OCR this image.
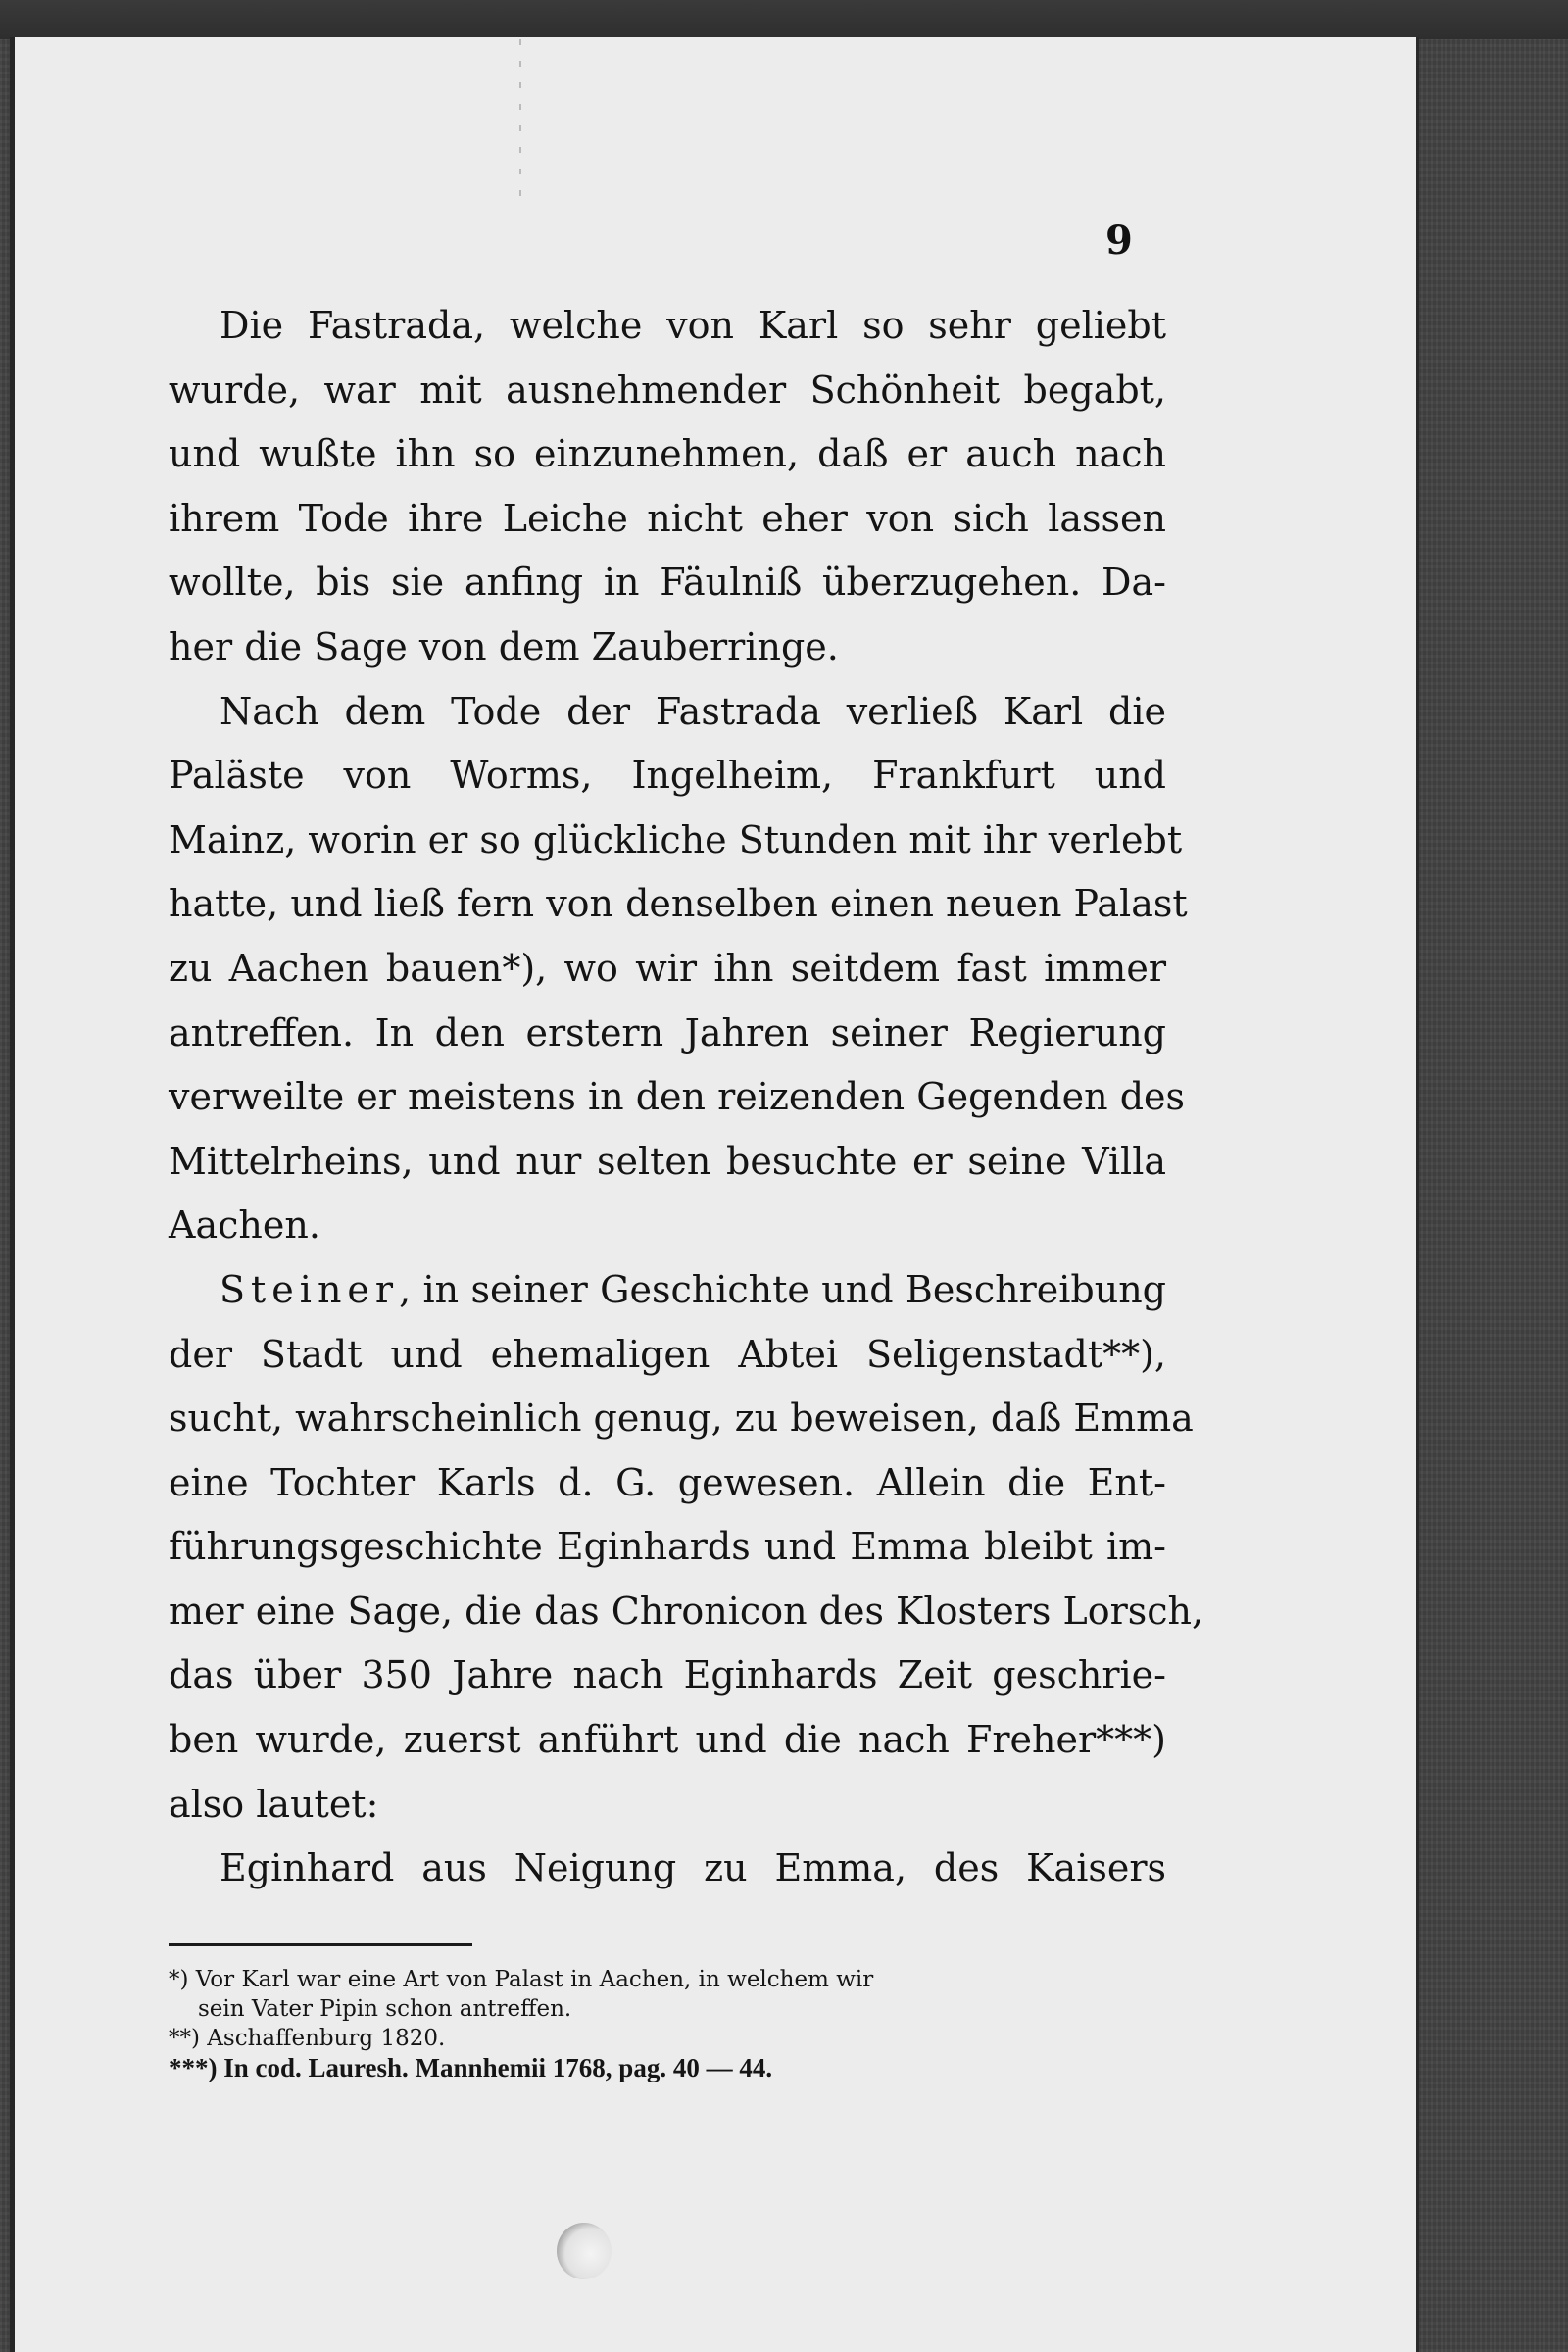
9
Die Fastrada, welche von Karl so sehr geliebt
wurde, war mit ausnehmender Schönheit begabt,
und wußte ihn so einzunehmen, daß er auch nach
ihrem Tode ihre Leiche nicht eher von sich lassen
wollte, bis sie anfing in Fäulniß überzugehen. Da-
her die Sage von dem Zauberringe.
Nach dem Tode der Fastrada verließ Karl die
Paläste von Worms, Ingelheim, Frankfurt und
Mainz, worin er so glückliche Stunden mit ihr verlebt
hatte, und ließ fern von denselben einen neuen Palast
zu Aachen bauen*), wo wir ihn seitdem fast immer
antreffen. In den erstern Jahren seiner Regierung
verweilte er meistens in den reizenden Gegenden des
Mittelrheins, und nur selten besuchte er seine Villa
Aachen.
Steiner, in seiner Geschichte und Beschreibung
der Stadt und ehemaligen Abtei Seligenstadt**),
sucht, wahrscheinlich genug, zu beweisen, daß Emma
eine Tochter Karls d. G. gewesen. Allein die Ent-
führungsgeschichte Eginhards und Emma bleibt im-
mer eine Sage, die das Chronicon des Klosters Lorsch,
das über 350 Jahre nach Eginhards Zeit geschrie-
ben wurde, zuerst anführt und die nach Freher***)
also lautet:
Eginhard aus Neigung zu Emma, des Kaisers
*) Vor Karl war eine Art von Palast in Aachen, in welchem wir
sein Vater Pipin schon antreffen.
**) Aschaffenburg 1820.
***) In cod. Lauresh. Mannhemii 1768, pag. 40 — 44.
